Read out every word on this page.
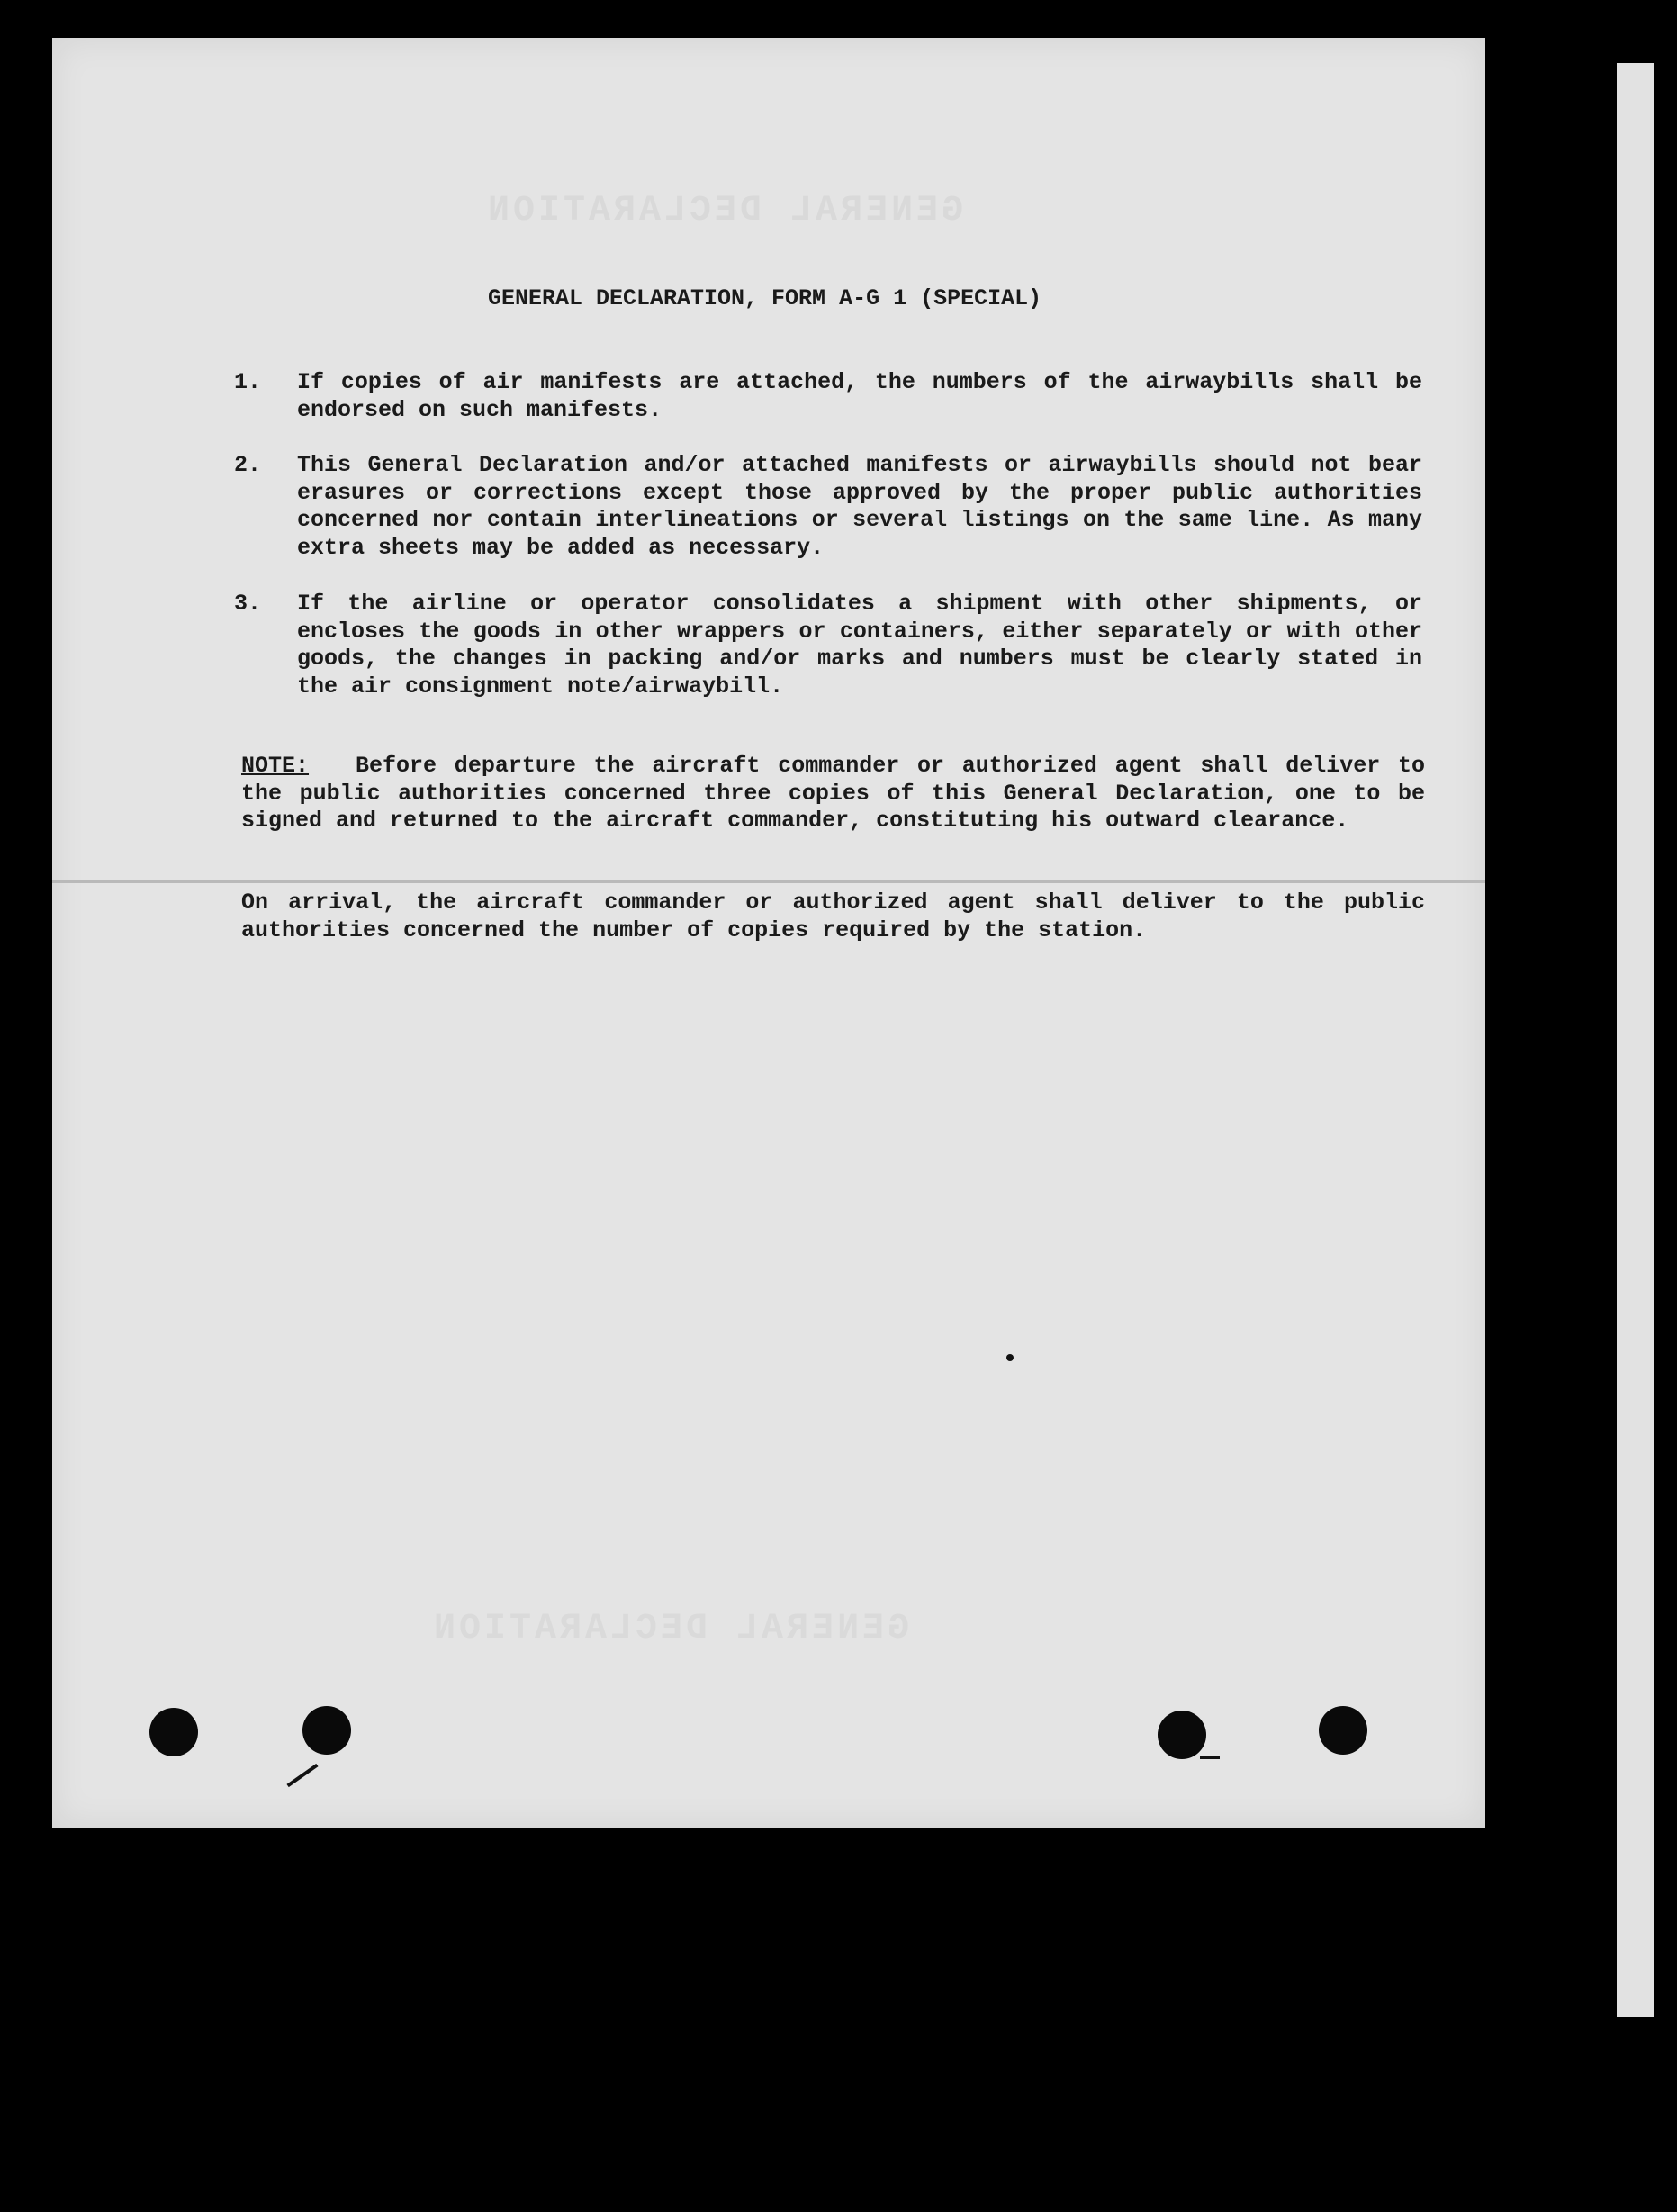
GENERAL DECLARATION
GENERAL DECLARATION
GENERAL DECLARATION, FORM A-G 1 (SPECIAL)
1. If copies of air manifests are attached, the numbers of the airwaybills shall be endorsed on such manifests.
2. This General Declaration and/or attached manifests or airwaybills should not bear erasures or corrections except those approved by the proper public authorities concerned nor contain interlineations or several listings on the same line. As many extra sheets may be added as necessary.
3. If the airline or operator consolidates a shipment with other shipments, or encloses the goods in other wrappers or containers, either separately or with other goods, the changes in packing and/or marks and numbers must be clearly stated in the air consignment note/airwaybill.
NOTE: Before departure the aircraft commander or authorized agent shall deliver to the public authorities concerned three copies of this General Declaration, one to be signed and returned to the aircraft commander, constituting his outward clearance.
On arrival, the aircraft commander or authorized agent shall deliver to the public authorities concerned the number of copies required by the station.
